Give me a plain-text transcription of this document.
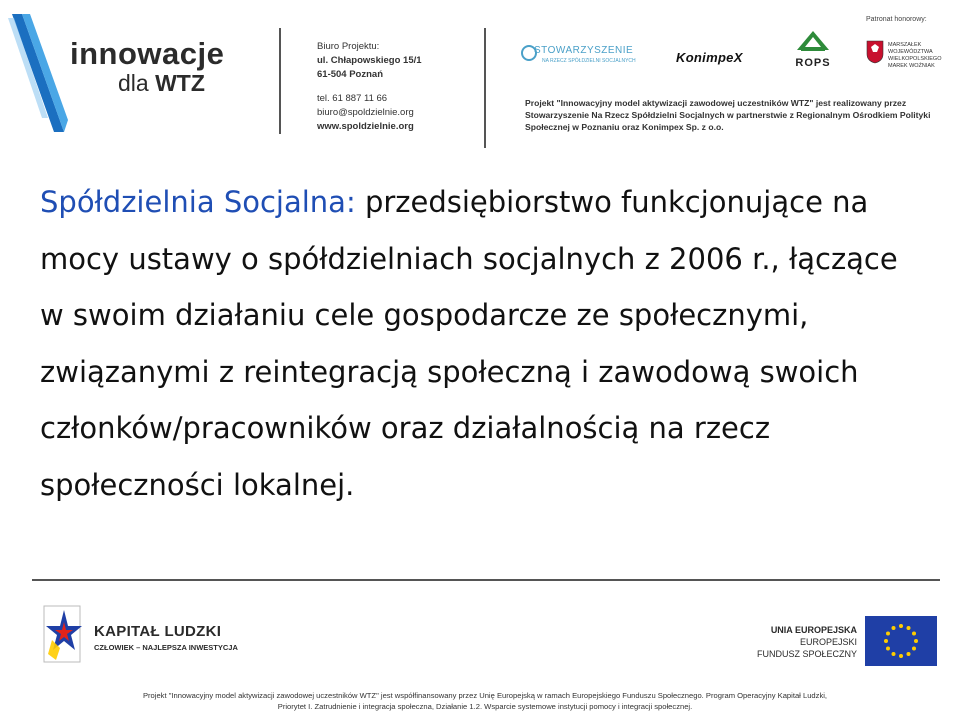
innowacje
dla WTZ
Biuro Projektu:
ul. Chłapowskiego 15/1
61-504 Poznań
tel. 61 887 11 66
biuro@spoldzielnie.org
www.spoldzielnie.org
STOWARZYSZENIE
NA RZECZ SPÓŁDZIELNI SOCJALNYCH	KonimpeX	ROPS
Patronat honorowy:
MARSZAŁEK WOJEWÓDZTWA WIELKOPOLSKIEGO MAREK WOŹNIAK
Projekt "Innowacyjny model aktywizacji zawodowej uczestników WTZ" jest realizowany przez Stowarzyszenie Na Rzecz Spółdzielni Socjalnych w partnerstwie z Regionalnym Ośrodkiem Polityki Społecznej w Poznaniu oraz Konimpex Sp. z o.o.
Spółdzielnia Socjalna: przedsiębiorstwo funkcjonujące na mocy ustawy o spółdzielniach socjalnych z 2006 r., łączące w swoim działaniu cele gospodarcze ze społecznymi, związanymi z reintegracją społeczną i zawodową swoich członków/pracowników oraz działalnością na rzecz społeczności lokalnej.
KAPITAŁ LUDZKI
CZŁOWIEK – NAJLEPSZA INWESTYCJA
UNIA EUROPEJSKA
EUROPEJSKI
FUNDUSZ SPOŁECZNY
Projekt "Innowacyjny model aktywizacji zawodowej uczestników WTZ" jest współfinansowany przez Unię Europejską w ramach Europejskiego Funduszu Społecznego. Program Operacyjny Kapitał Ludzki, Priorytet I. Zatrudnienie i integracja społeczna, Działanie 1.2. Wsparcie systemowe instytucji pomocy i integracji społecznej.
